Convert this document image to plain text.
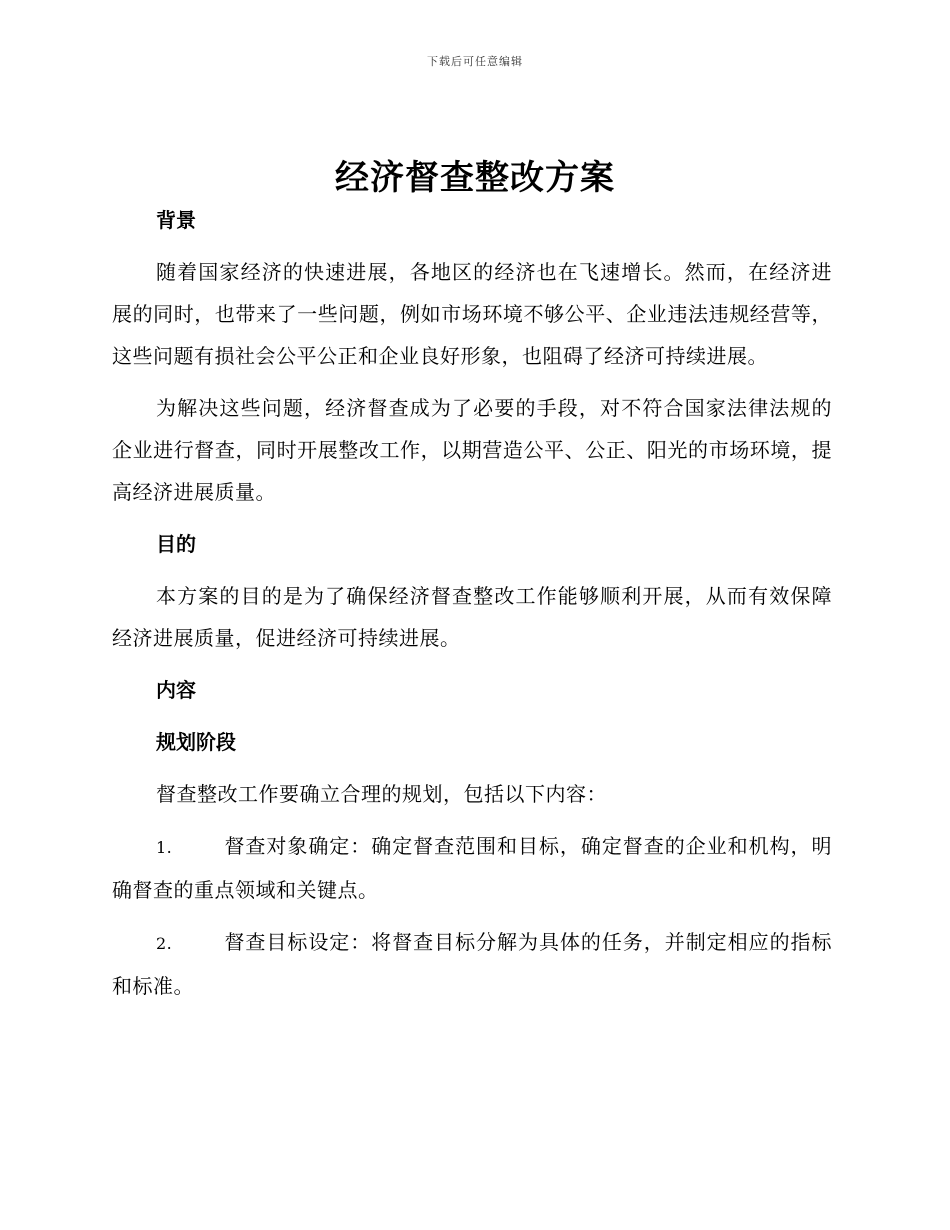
下载后可任意编辑
经济督查整改方案
背景

随着国家经济的快速进展，各地区的经济也在飞速增长。然而，在经济进展的同时，也带来了一些问题，例如市场环境不够公平、企业违法违规经营等，这些问题有损社会公平公正和企业良好形象，也阻碍了经济可持续进展。

为解决这些问题，经济督查成为了必要的手段，对不符合国家法律法规的企业进行督查，同时开展整改工作，以期营造公平、公正、阳光的市场环境，提高经济进展质量。

目的

本方案的目的是为了确保经济督查整改工作能够顺利开展，从而有效保障经济进展质量，促进经济可持续进展。

内容
规划阶段

督查整改工作要确立合理的规划，包括以下内容：

1.	督查对象确定：确定督查范围和目标，确定督查的企业和机构，明确督查的重点领域和关键点。

2.	督查目标设定：将督查目标分解为具体的任务，并制定相应的指标和标准。
